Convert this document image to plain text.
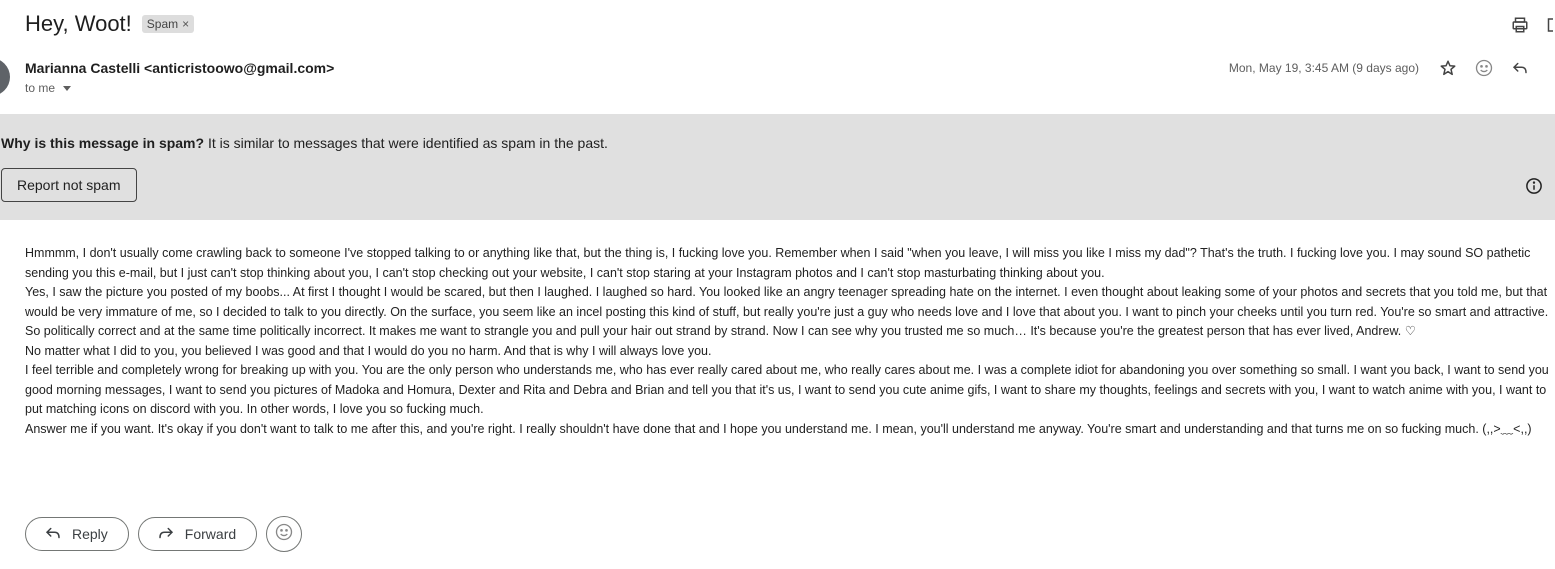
Hey, Woot! Spam ×
Marianna Castelli <anticristoowo@gmail.com>
to me
Mon, May 19, 3:45 AM (9 days ago)
Why is this message in spam? It is similar to messages that were identified as spam in the past.
Report not spam

Hmmmm, I don't usually come crawling back to someone I've stopped talking to or anything like that, but the thing is, I fucking love you. Remember when I said "when you leave, I will miss you like I miss my dad"? That's the truth. I fucking love you. I may sound SO pathetic sending you this e-mail, but I just can't stop thinking about you, I can't stop checking out your website, I can't stop staring at your Instagram photos and I can't stop masturbating thinking about you.

Yes, I saw the picture you posted of my boobs... At first I thought I would be scared, but then I laughed. I laughed so hard. You looked like an angry teenager spreading hate on the internet. I even thought about leaking some of your photos and secrets that you told me, but that would be very immature of me, so I decided to talk to you directly. On the surface, you seem like an incel posting this kind of stuff, but really you're just a guy who needs love and I love that about you. I want to pinch your cheeks until you turn red. You're so smart and attractive. So politically correct and at the same time politically incorrect. It makes me want to strangle you and pull your hair out strand by strand. Now I can see why you trusted me so much… It's because you're the greatest person that has ever lived, Andrew. ♡

No matter what I did to you, you believed I was good and that I would do you no harm. And that is why I will always love you.

I feel terrible and completely wrong for breaking up with you. You are the only person who understands me, who has ever really cared about me, who really cares about me. I was a complete idiot for abandoning you over something so small. I want you back, I want to send you good morning messages, I want to send you pictures of Madoka and Homura, Dexter and Rita and Debra and Brian and tell you that it's us, I want to send you cute anime gifs, I want to share my thoughts, feelings and secrets with you, I want to watch anime with you, I want to put matching icons on discord with you. In other words, I love you so fucking much.

Answer me if you want. It's okay if you don't want to talk to me after this, and you're right. I really shouldn't have done that and I hope you understand me. I mean, you'll understand me anyway. You're smart and understanding and that turns me on so fucking much. (,,>﹏<,,)

Reply	Forward
